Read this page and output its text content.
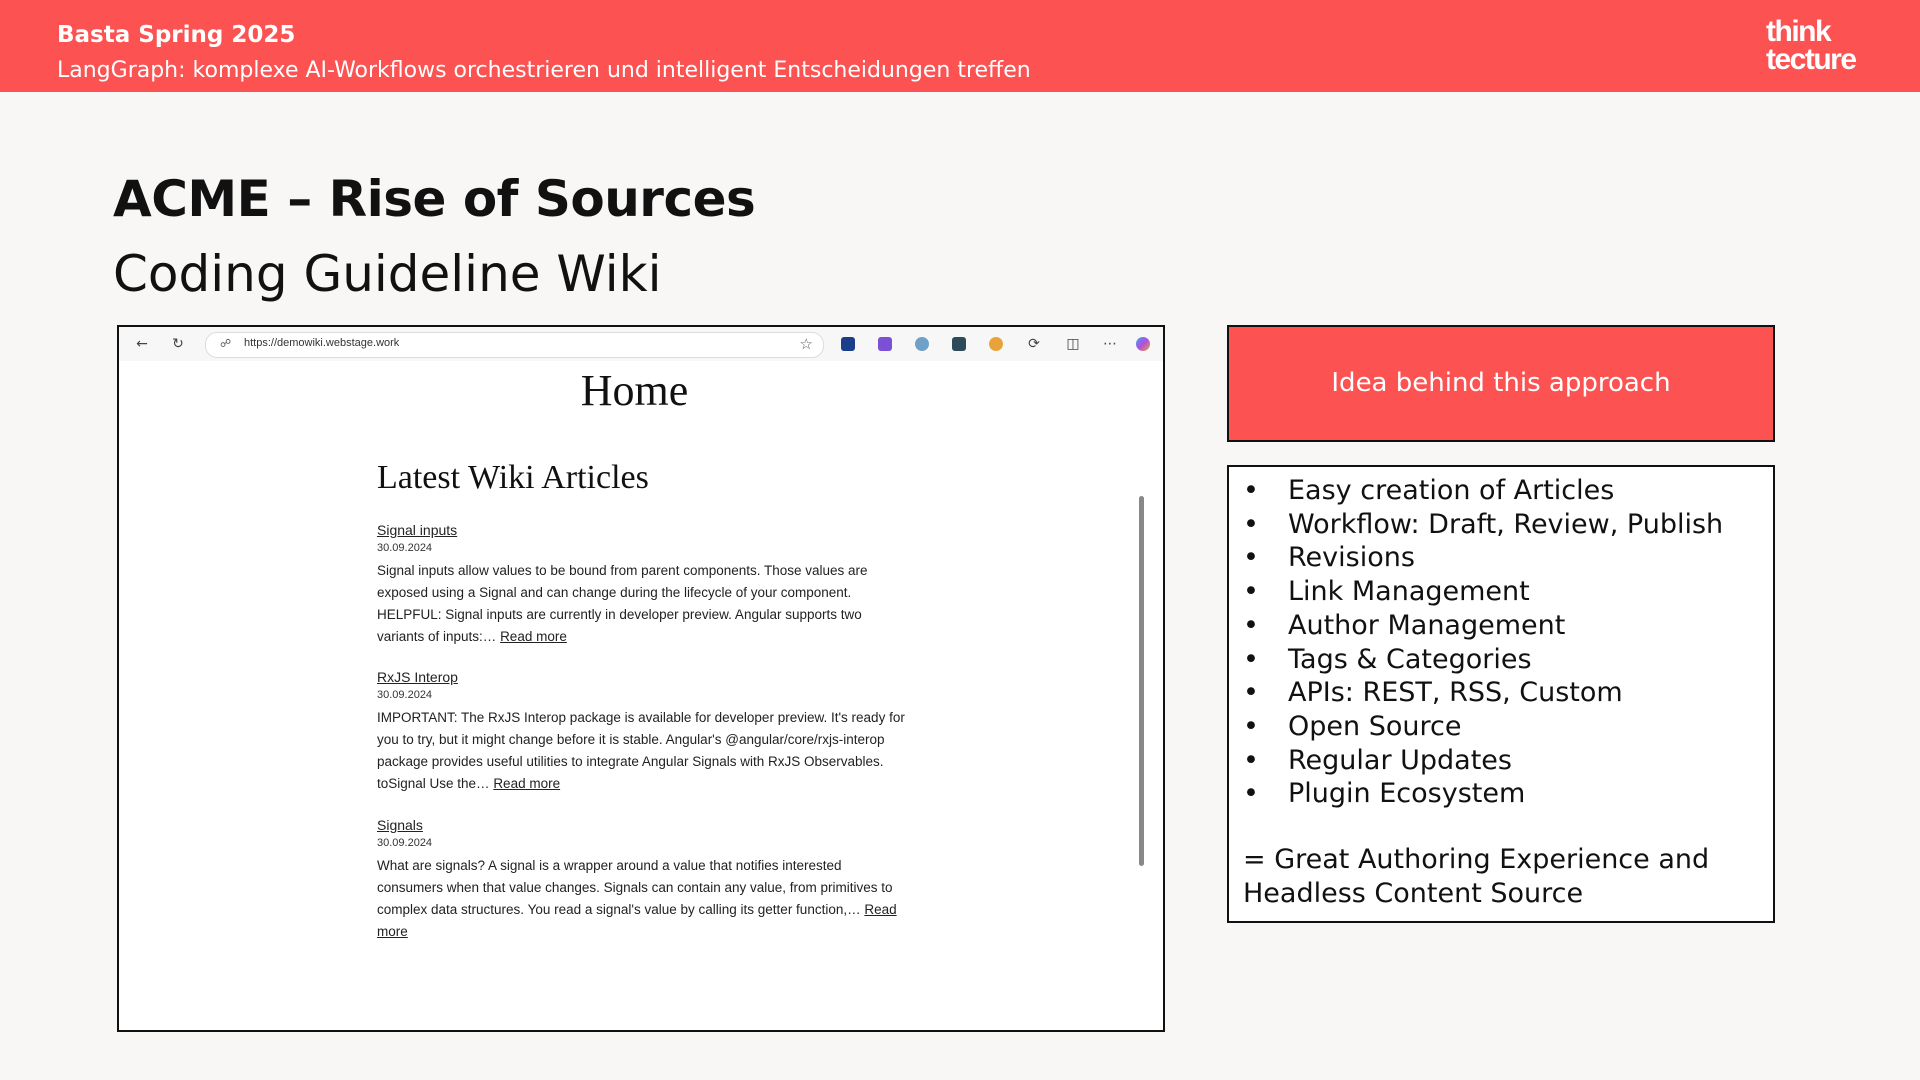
Basta Spring 2025
LangGraph: komplexe AI-Workflows orchestrieren und intelligent Entscheidungen treffen
think
tecture
ACME – Rise of Sources
Coding Guideline Wiki
←	↻	☍ https://demowiki.webstage.work	☆	⟳	◫	⋯
Home
Latest Wiki Articles
Signal inputs
30.09.2024
Signal inputs allow values to be bound from parent components. Those values are exposed using a Signal and can change during the lifecycle of your component. HELPFUL: Signal inputs are currently in developer preview. Angular supports two variants of inputs:… Read more
RxJS Interop
30.09.2024
IMPORTANT: The RxJS Interop package is available for developer preview. It's ready for you to try, but it might change before it is stable. Angular's @angular/core/rxjs-interop package provides useful utilities to integrate Angular Signals with RxJS Observables. toSignal Use the… Read more
Signals
30.09.2024
What are signals? A signal is a wrapper around a value that notifies interested consumers when that value changes. Signals can contain any value, from primitives to complex data structures. You read a signal's value by calling its getter function,… Read more
Idea behind this approach
• Easy creation of Articles
• Workflow: Draft, Review, Publish
• Revisions
• Link Management
• Author Management
• Tags & Categories
• APIs: REST, RSS, Custom
• Open Source
• Regular Updates
• Plugin Ecosystem
= Great Authoring Experience and Headless Content Source
